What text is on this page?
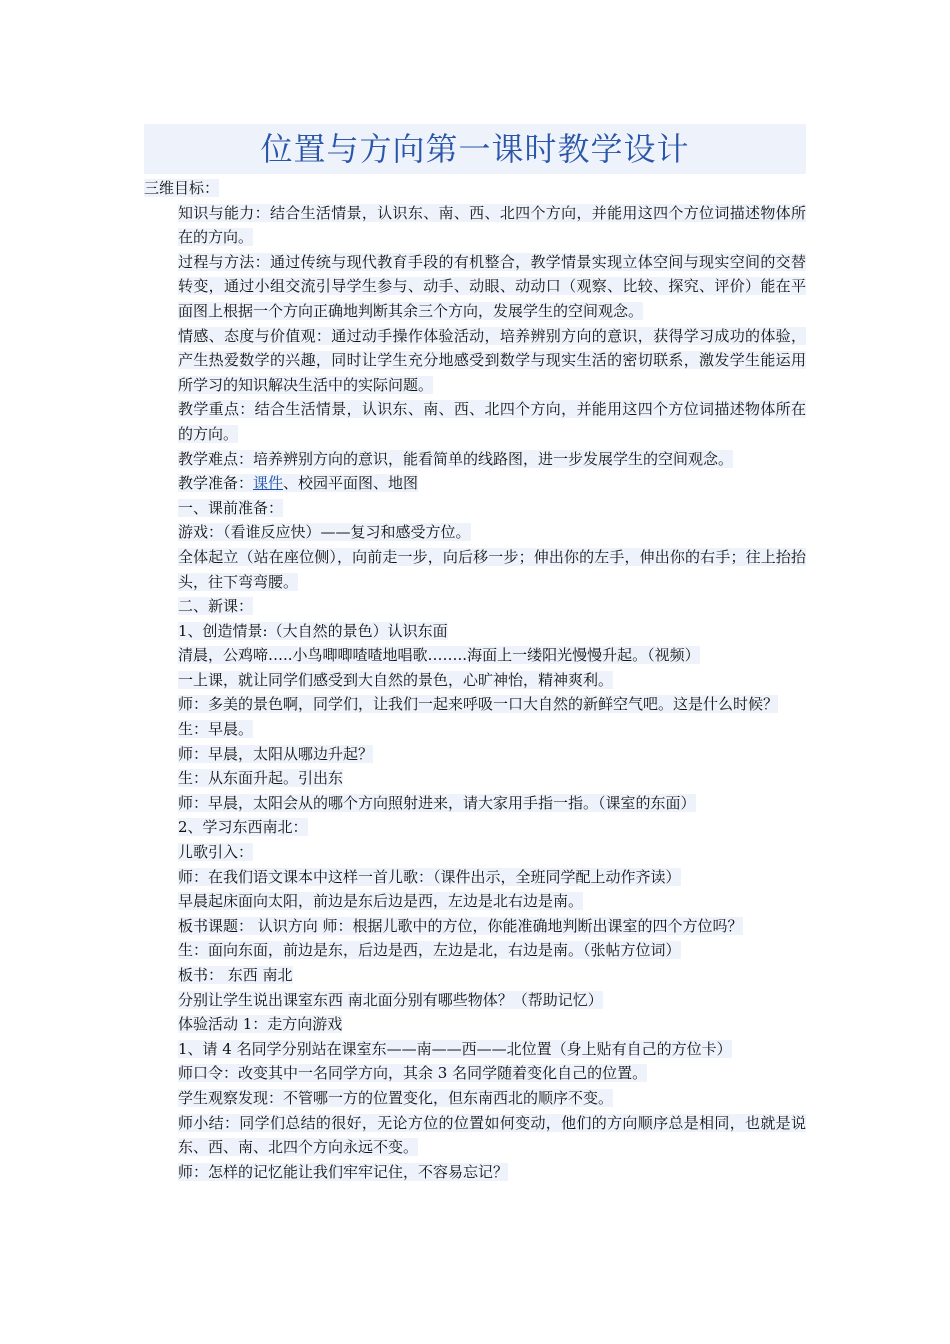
位置与方向第一课时教学设计

三维目标：

知识与能力：结合生活情景，认识东、南、西、北四个方向，并能用这四个方位词描述物体所在的方向。

过程与方法：通过传统与现代教育手段的有机整合，教学情景实现立体空间与现实空间的交替转变，通过小组交流引导学生参与、动手、动眼、动动口（观察、比较、探究、评价）能在平面图上根据一个方向正确地判断其余三个方向，发展学生的空间观念。

情感、态度与价值观：通过动手操作体验活动，培养辨别方向的意识，获得学习成功的体验，产生热爱数学的兴趣，同时让学生充分地感受到数学与现实生活的密切联系，激发学生能运用所学习的知识解决生活中的实际问题。

教学重点：结合生活情景，认识东、南、西、北四个方向，并能用这四个方位词描述物体所在的方向。

教学难点：培养辨别方向的意识，能看简单的线路图，进一步发展学生的空间观念。

教学准备：课件、校园平面图、地图

一、课前准备：

游戏：（看谁反应快）——复习和感受方位。

全体起立（站在座位侧），向前走一步，向后移一步；伸出你的左手，伸出你的右手；往上抬抬头，往下弯弯腰。

二、新课：

1、创造情景:（大自然的景色）认识东面

清晨，公鸡啼…..小鸟唧唧喳喳地唱歌……..海面上一缕阳光慢慢升起。（视频）

一上课，就让同学们感受到大自然的景色，心旷神怡，精神爽利。

师：多美的景色啊，同学们，让我们一起来呼吸一口大自然的新鲜空气吧。这是什么时候？

生：早晨。

师：早晨，太阳从哪边升起？

生：从东面升起。引出东

师：早晨，太阳会从的哪个方向照射进来，请大家用手指一指。（课室的东面）

2、学习东西南北：

儿歌引入：

师：在我们语文课本中这样一首儿歌：（课件出示，全班同学配上动作齐读）

早晨起床面向太阳，前边是东后边是西，左边是北右边是南。

板书课题： 认识方向 师：根据儿歌中的方位，你能准确地判断出课室的四个方位吗？

生：面向东面，前边是东，后边是西，左边是北，右边是南。（张帖方位词）

板书： 东西 南北

分别让学生说出课室东西 南北面分别有哪些物体？（帮助记忆）

体验活动 1：走方向游戏

1、请 4 名同学分别站在课室东——南——西——北位置（身上贴有自己的方位卡）

师口令：改变其中一名同学方向，其余 3 名同学随着变化自己的位置。

学生观察发现：不管哪一方的位置变化，但东南西北的顺序不变。

师小结：同学们总结的很好，无论方位的位置如何变动，他们的方向顺序总是相同，也就是说东、西、南、北四个方向永远不变。

师：怎样的记忆能让我们牢牢记住，不容易忘记？
